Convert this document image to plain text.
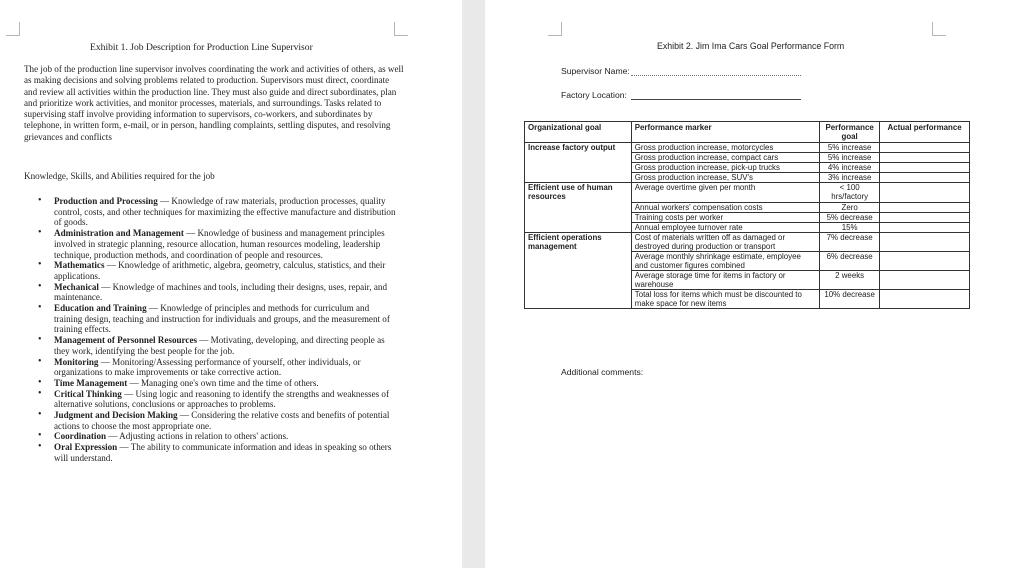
Exhibit 1. Job Description for Production Line Supervisor

The job of the production line supervisor involves coordinating the work and activities of others, as well as making decisions and solving problems related to production. Supervisors must direct, coordinate and review all activities within the production line. They must also guide and direct subordinates, plan and prioritize work activities, and monitor processes, materials, and surroundings. Tasks related to supervising staff involve providing information to supervisors, co-workers, and subordinates by telephone, in written form, e-mail, or in person, handling complaints, settling disputes, and resolving grievances and conflicts

Knowledge, Skills, and Abilities required for the job
• Production and Processing — Knowledge of raw materials, production processes, quality control, costs, and other techniques for maximizing the effective manufacture and distribution of goods.
• Administration and Management — Knowledge of business and management principles involved in strategic planning, resource allocation, human resources modeling, leadership technique, production methods, and coordination of people and resources.
• Mathematics — Knowledge of arithmetic, algebra, geometry, calculus, statistics, and their applications.
• Mechanical — Knowledge of machines and tools, including their designs, uses, repair, and maintenance.
• Education and Training — Knowledge of principles and methods for curriculum and training design, teaching and instruction for individuals and groups, and the measurement of training effects.
• Management of Personnel Resources — Motivating, developing, and directing people as they work, identifying the best people for the job.
• Monitoring — Monitoring/Assessing performance of yourself, other individuals, or organizations to make improvements or take corrective action.
• Time Management — Managing one's own time and the time of others.
• Critical Thinking — Using logic and reasoning to identify the strengths and weaknesses of alternative solutions, conclusions or approaches to problems.
• Judgment and Decision Making — Considering the relative costs and benefits of potential actions to choose the most appropriate one.
• Coordination — Adjusting actions in relation to others' actions.
• Oral Expression — The ability to communicate information and ideas in speaking so others will understand.
Exhibit 2. Jim Ima Cars Goal Performance Form
Supervisor Name:
Factory Location:
Organizational goal	Performance marker	Performance goal	Actual performance
Increase factory output	Gross production increase, motorcycles	5% increase	
	Gross production increase, compact cars	5% increase	
	Gross production increase, pick-up trucks	4% increase	
	Gross production increase, SUV's	3% increase	
Efficient use of human resources	Average overtime given per month	< 100 hrs/factory	
	Annual workers' compensation costs	Zero	
	Training costs per worker	5% decrease	
	Annual employee turnover rate	15%	
Efficient operations management	Cost of materials written off as damaged or destroyed during production or transport	7% decrease	
	Average monthly shrinkage estimate, employee and customer figures combined	6% decrease	
	Average storage time for items in factory or warehouse	2 weeks	
	Total loss for items which must be discounted to make space for new items	10% decrease	
Additional comments:
